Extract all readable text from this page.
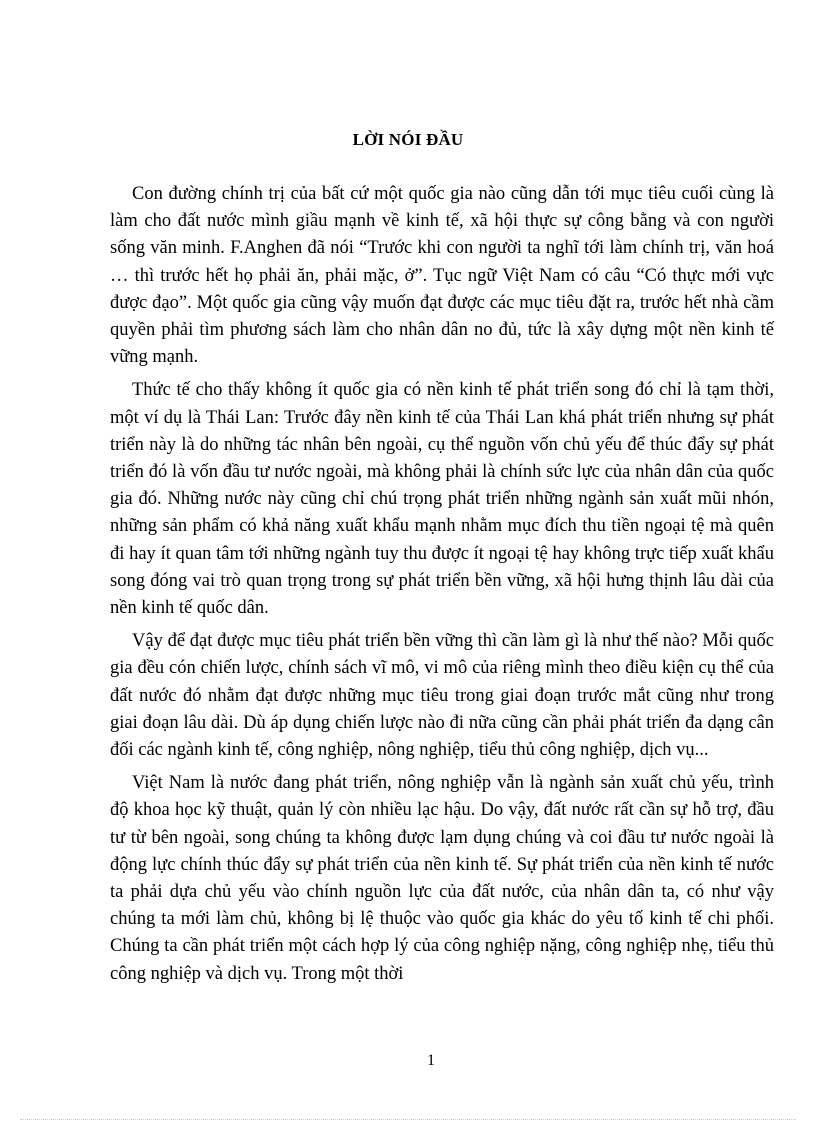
LỜI NÓI ĐẦU

Con đường chính trị của bất cứ một quốc gia nào cũng dẫn tới mục tiêu cuối cùng là làm cho đất nước mình giầu mạnh về kinh tế, xã hội thực sự công bằng và con người sống văn minh. F.Anghen đã nói “Trước khi con người ta nghĩ tới làm chính trị, văn hoá … thì trước hết họ phải ăn, phải mặc, ở”. Tục ngữ Việt Nam có câu “Có thực mới vực được đạo”. Một quốc gia cũng vậy muốn đạt được các mục tiêu đặt ra, trước hết nhà cầm quyền phải tìm phương sách làm cho nhân dân no đủ, tức là xây dựng một nền kinh tế vững mạnh.

Thức tế cho thấy không ít quốc gia có nền kinh tế phát triển song đó chỉ là tạm thời, một ví dụ là Thái Lan: Trước đây nền kinh tế của Thái Lan khá phát triển nhưng sự phát triển này là do những tác nhân bên ngoài, cụ thể nguồn vốn chủ yếu để thúc đẩy sự phát triển đó là vốn đầu tư nước ngoài, mà không phải là chính sức lực của nhân dân của quốc gia đó. Những nước này cũng chỉ chú trọng phát triển những ngành sản xuất mũi nhón, những sản phẩm có khả năng xuất khẩu mạnh nhằm mục đích thu tiền ngoại tệ mà quên đi hay ít quan tâm tới những ngành tuy thu được ít ngoại tệ hay không trực tiếp xuất khẩu song đóng vai trò quan trọng trong sự phát triển bền vững, xã hội hưng thịnh lâu dài của nền kinh tế quốc dân.

Vậy để đạt được mục tiêu phát triển bền vững thì cần làm gì là như thế nào? Mỗi quốc gia đều cón chiến lược, chính sách vĩ mô, vi mô của riêng mình theo điều kiện cụ thể của đất nước đó nhằm đạt được những mục tiêu trong giai đoạn trước mắt cũng như trong giai đoạn lâu dài. Dù áp dụng chiến lược nào đi nữa cũng cần phải phát triển đa dạng cân đối các ngành kinh tế, công nghiệp, nông nghiệp, tiểu thủ công nghiệp, dịch vụ...

Việt Nam là nước đang phát triển, nông nghiệp vẫn là ngành sản xuất chủ yếu, trình độ khoa học kỹ thuật, quản lý còn nhiều lạc hậu. Do vậy, đất nước rất cần sự hỗ trợ, đầu tư từ bên ngoài, song chúng ta không được lạm dụng chúng và coi đầu tư nước ngoài là động lực chính thúc đẩy sự phát triển của nền kinh tế. Sự phát triển của nền kinh tế nước ta phải dựa chủ yếu vào chính nguồn lực của đất nước, của nhân dân ta, có như vậy chúng ta mới làm chủ, không bị lệ thuộc vào quốc gia khác do yêu tố kinh tế chi phối. Chúng ta cần phát triển một cách hợp lý của công nghiệp nặng, công nghiệp nhẹ, tiểu thủ công nghiệp và dịch vụ. Trong một thời

1
